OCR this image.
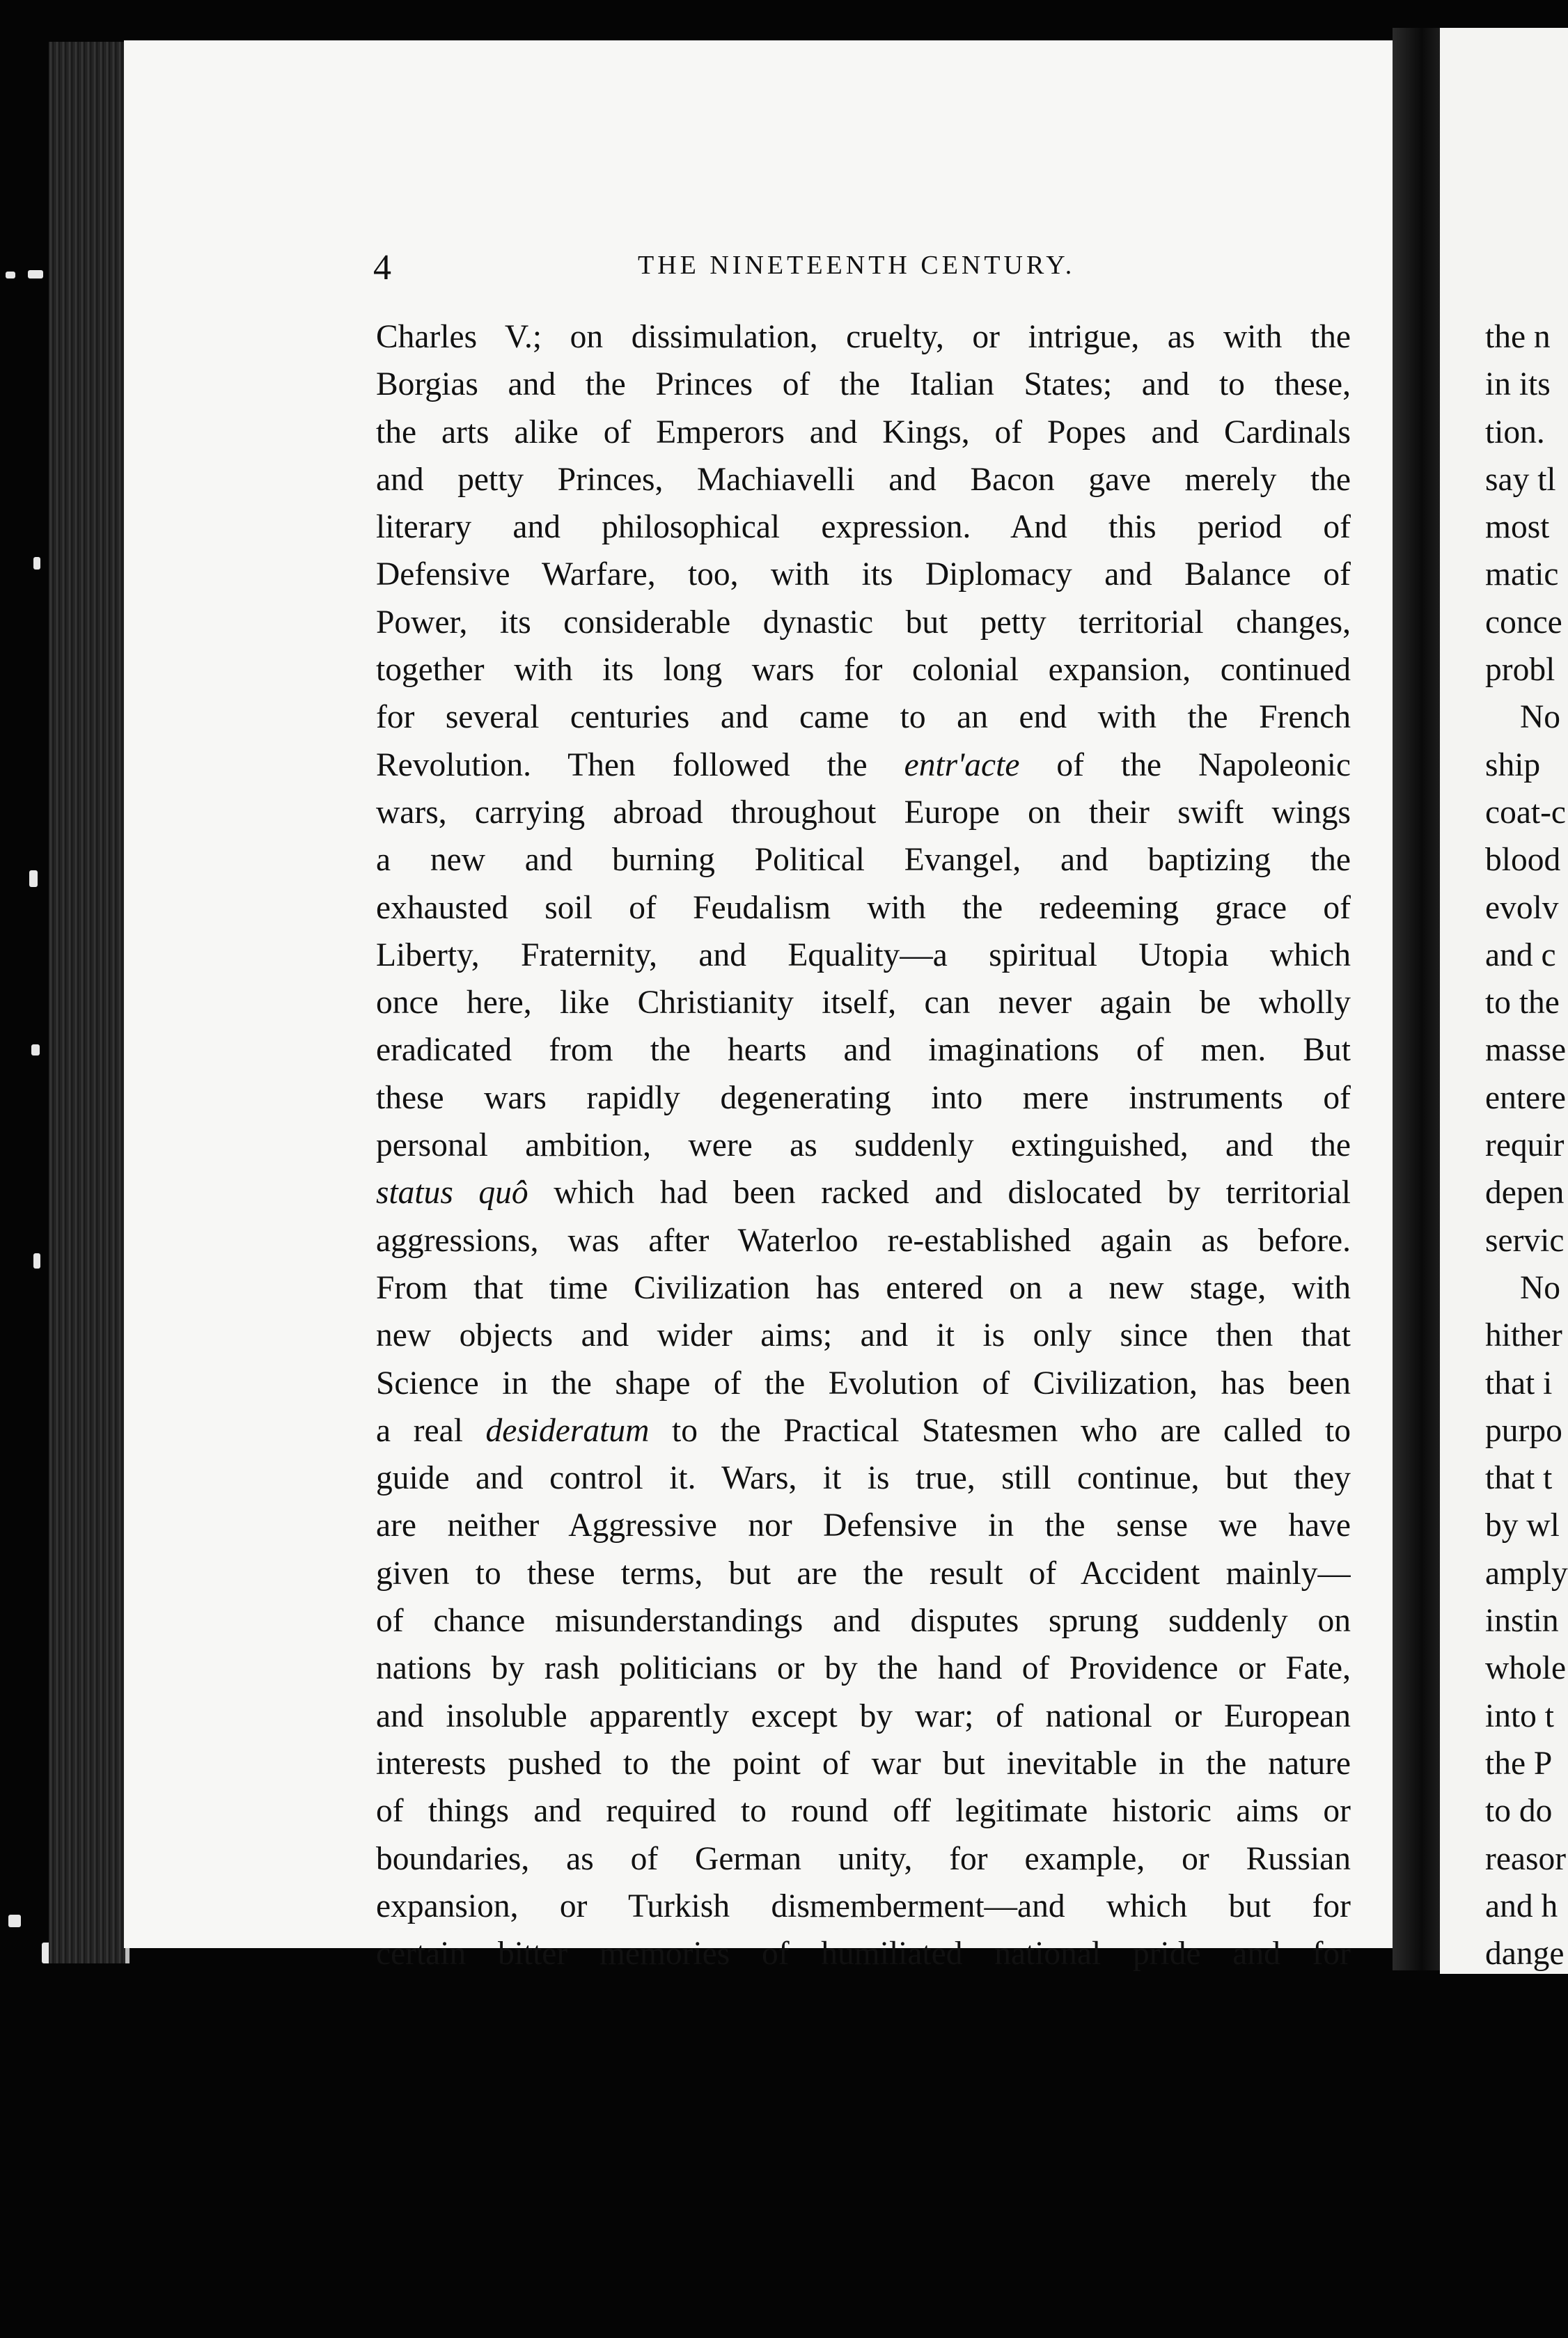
4	THE NINETEENTH CENTURY.
Charles V.; on dissimulation, cruelty, or intrigue, as with the
Borgias and the Princes of the Italian States; and to these,
the arts alike of Emperors and Kings, of Popes and Cardinals
and petty Princes, Machiavelli and Bacon gave merely the
literary and philosophical expression. And this period of
Defensive Warfare, too, with its Diplomacy and Balance of
Power, its considerable dynastic but petty territorial changes,
together with its long wars for colonial expansion, continued
for several centuries and came to an end with the French
Revolution. Then followed the entr'acte of the Napoleonic
wars, carrying abroad throughout Europe on their swift wings
a new and burning Political Evangel, and baptizing the
exhausted soil of Feudalism with the redeeming grace of
Liberty, Fraternity, and Equality—a spiritual Utopia which
once here, like Christianity itself, can never again be wholly
eradicated from the hearts and imaginations of men. But
these wars rapidly degenerating into mere instruments of
personal ambition, were as suddenly extinguished, and the
status quô which had been racked and dislocated by territorial
aggressions, was after Waterloo re-established again as before.
From that time Civilization has entered on a new stage, with
new objects and wider aims; and it is only since then that
Science in the shape of the Evolution of Civilization, has been
a real desideratum to the Practical Statesmen who are called to
guide and control it. Wars, it is true, still continue, but they
are neither Aggressive nor Defensive in the sense we have
given to these terms, but are the result of Accident mainly—
of chance misunderstandings and disputes sprung suddenly on
nations by rash politicians or by the hand of Providence or Fate,
and insoluble apparently except by war; of national or European
interests pushed to the point of war but inevitable in the nature
of things and required to round off legitimate historic aims or
boundaries, as of German unity, for example, or Russian
expansion, or Turkish dismemberment—and which but for
certain bitter memories of humiliated national pride and for
the n
in its
tion.
say tl
most
matic
conce
probl
No
ship
coat-c
blood
evolv
and c
to the
masse
entere
requir
depen
servic
No
hither
that i
purpo
that t
by wl
amply
instin
whole
into t
the P
to do
reasor
and h
dange
